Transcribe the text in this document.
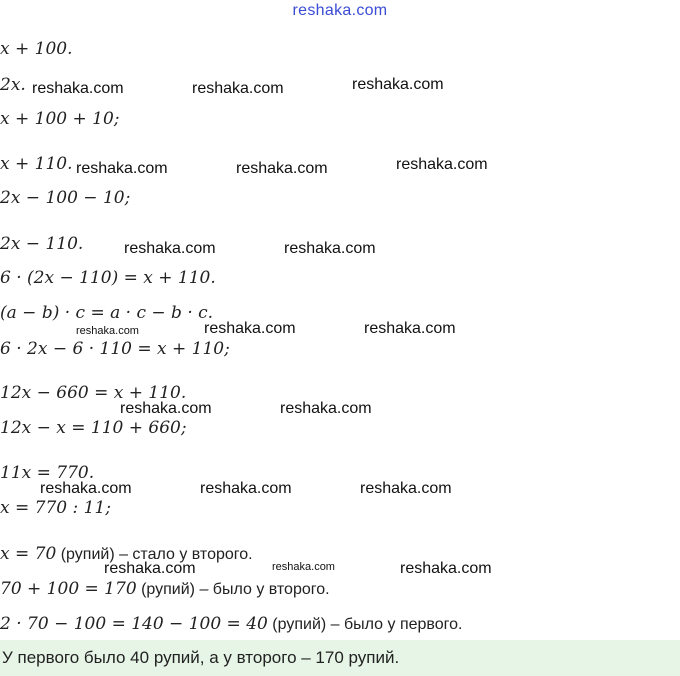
reshaka.com
x + 100.
2x.
x + 100 + 10;
x + 110.
2x − 100 − 10;
2x − 110.
6 · (2x − 110) = x + 110.
(a − b) · c = a · c − b · c.
6 · 2x − 6 · 110 = x + 110;
12x − 660 = x + 110.
12x − x = 110 + 660;
11x = 770.
x = 770 : 11;
x = 70 (рупий) – стало у второго.
70 + 100 = 170 (рупий) – было у второго.
2 · 70 − 100 = 140 − 100 = 40 (рупий) – было у первого.
reshaka.com	reshaka.com	reshaka.com
reshaka.com	reshaka.com	reshaka.com
reshaka.com	reshaka.com
reshaka.com	reshaka.com	reshaka.com
reshaka.com	reshaka.com
reshaka.com	reshaka.com	reshaka.com
reshaka.com	reshaka.com	reshaka.com
У первого было 40 рупий, а у второго – 170 рупий.
